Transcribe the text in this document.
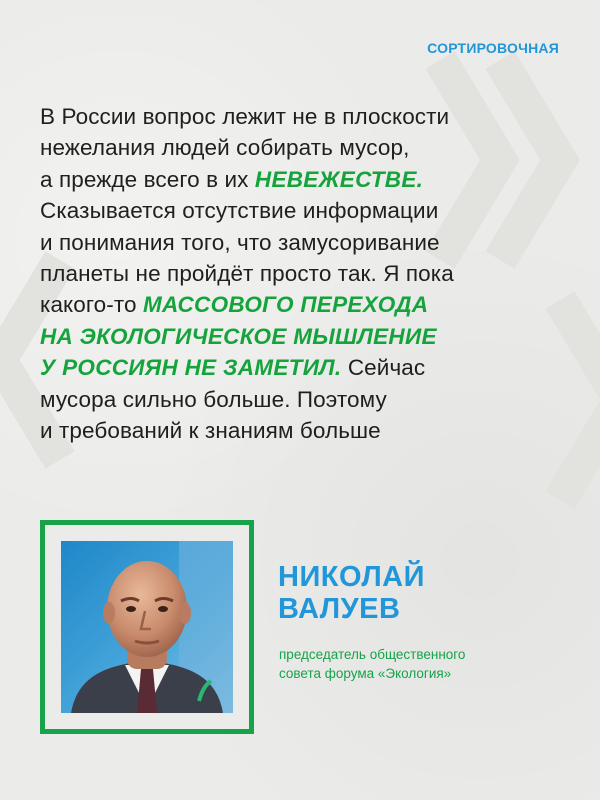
СОРТИРОВОЧНАЯ
В России вопрос лежит не в плоскости
нежелания людей собирать мусор,
а прежде всего в их НЕВЕЖЕСТВЕ.
Сказывается отсутствие информации
и понимания того, что замусоривание
планеты не пройдёт просто так. Я пока
какого-то МАССОВОГО ПЕРЕХОДА
НА ЭКОЛОГИЧЕСКОЕ МЫШЛЕНИЕ
У РОССИЯН НЕ ЗАМЕТИЛ. Сейчас
мусора сильно больше. Поэтому
и требований к знаниям больше
НИКОЛАЙ
ВАЛУЕВ
председатель общественного
совета форума «Экология»
